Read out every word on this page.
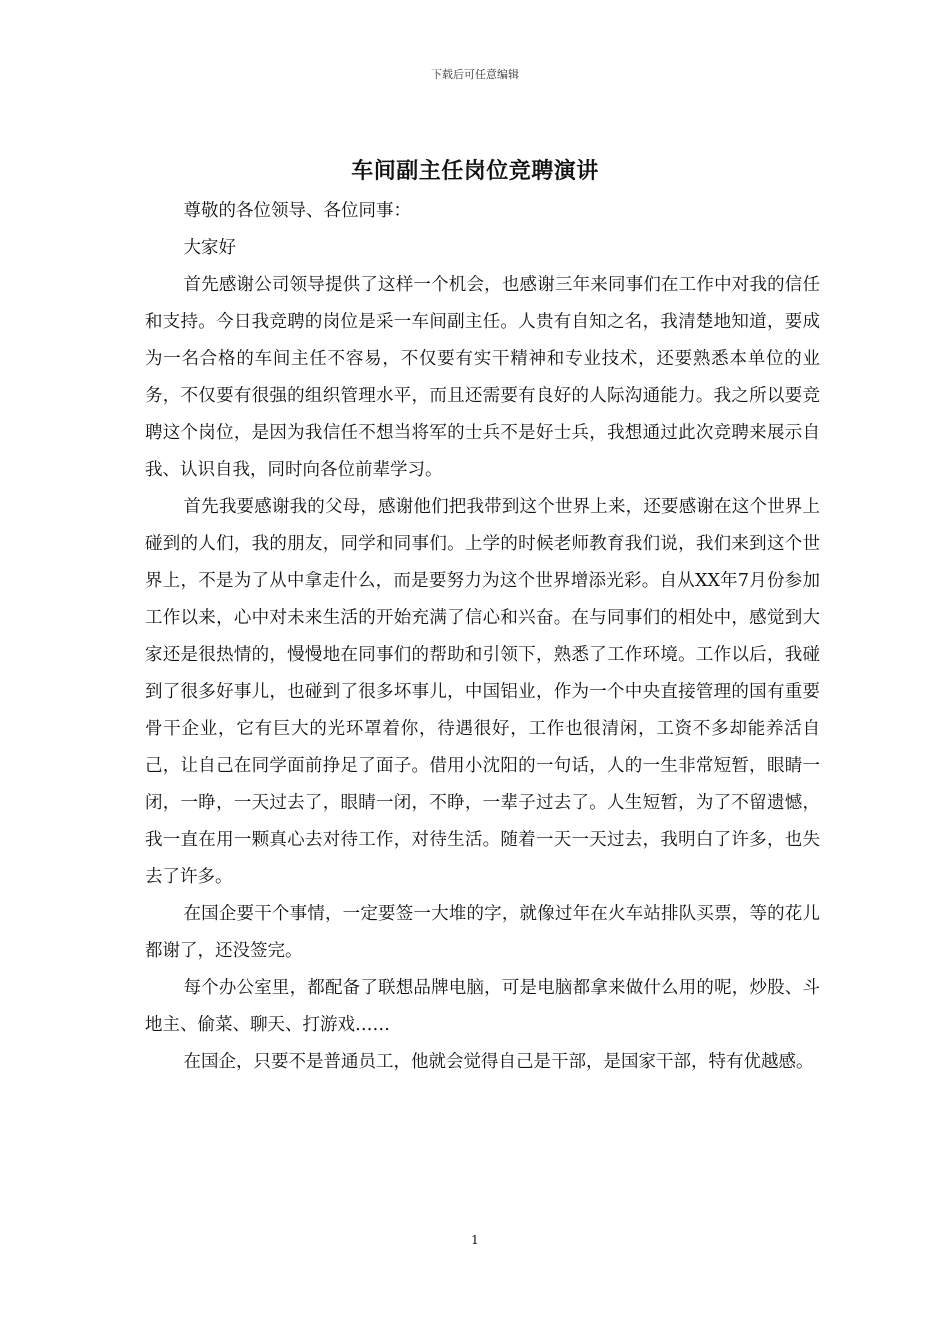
下载后可任意编辑
车间副主任岗位竞聘演讲

尊敬的各位领导、各位同事：

大家好

首先感谢公司领导提供了这样一个机会，也感谢三年来同事们在工作中对我的信任和支持。今日我竞聘的岗位是采一车间副主任。人贵有自知之名，我清楚地知道，要成为一名合格的车间主任不容易，不仅要有实干精神和专业技术，还要熟悉本单位的业务，不仅要有很强的组织管理水平，而且还需要有良好的人际沟通能力。我之所以要竞聘这个岗位，是因为我信任不想当将军的士兵不是好士兵，我想通过此次竞聘来展示自我、认识自我，同时向各位前辈学习。

首先我要感谢我的父母，感谢他们把我带到这个世界上来，还要感谢在这个世界上碰到的人们，我的朋友，同学和同事们。上学的时候老师教育我们说，我们来到这个世界上，不是为了从中拿走什么，而是要努力为这个世界增添光彩。自从XX年7月份参加工作以来，心中对未来生活的开始充满了信心和兴奋。在与同事们的相处中，感觉到大家还是很热情的，慢慢地在同事们的帮助和引领下，熟悉了工作环境。工作以后，我碰到了很多好事儿，也碰到了很多坏事儿，中国铝业，作为一个中央直接管理的国有重要骨干企业，它有巨大的光环罩着你，待遇很好，工作也很清闲，工资不多却能养活自己，让自己在同学面前挣足了面子。借用小沈阳的一句话，人的一生非常短暂，眼睛一闭，一睁，一天过去了，眼睛一闭，不睁，一辈子过去了。人生短暂，为了不留遗憾，我一直在用一颗真心去对待工作，对待生活。随着一天一天过去，我明白了许多，也失去了许多。

在国企要干个事情，一定要签一大堆的字，就像过年在火车站排队买票，等的花儿都谢了，还没签完。

每个办公室里，都配备了联想品牌电脑，可是电脑都拿来做什么用的呢，炒股、斗地主、偷菜、聊天、打游戏……

在国企，只要不是普通员工，他就会觉得自己是干部，是国家干部，特有优越感。

1
